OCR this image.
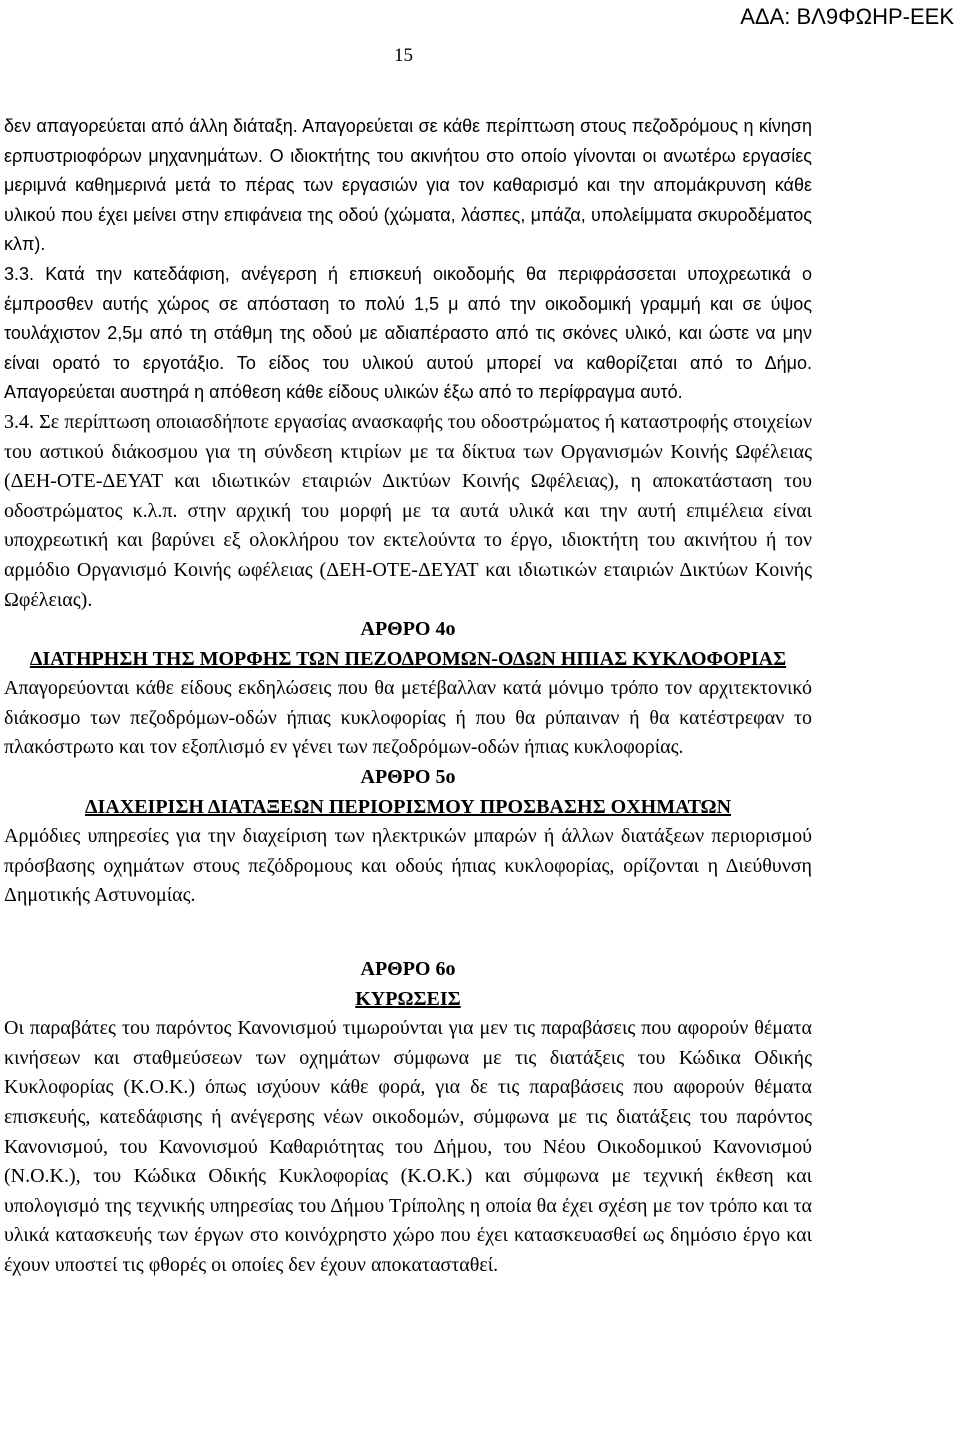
ΑΔΑ: ΒΛ9ΦΩΗΡ-ΕΕΚ
15

δεν απαγορεύεται από άλλη διάταξη. Απαγορεύεται σε κάθε περίπτωση στους πεζοδρόμους η κίνηση ερπυστριοφόρων μηχανημάτων. Ο ιδιοκτήτης του ακινήτου στο οποίο γίνονται οι ανωτέρω εργασίες μεριμνά καθημερινά μετά το πέρας των εργασιών για τον καθαρισμό και την απομάκρυνση κάθε υλικού που έχει μείνει στην επιφάνεια της οδού (χώματα, λάσπες, μπάζα, υπολείμματα σκυροδέματος κλπ).

3.3. Κατά την κατεδάφιση, ανέγερση ή επισκευή οικοδομής θα περιφράσσεται υποχρεωτικά ο έμπροσθεν αυτής χώρος σε απόσταση το πολύ 1,5 μ από την οικοδομική γραμμή και σε ύψος τουλάχιστον 2,5μ από τη στάθμη της οδού με αδιαπέραστο από τις σκόνες υλικό, και ώστε να μην είναι ορατό το εργοτάξιο. Το είδος του υλικού αυτού μπορεί να καθορίζεται από το Δήμο. Απαγορεύεται αυστηρά η απόθεση κάθε είδους υλικών έξω από το περίφραγμα αυτό.

3.4. Σε περίπτωση οποιασδήποτε εργασίας ανασκαφής του οδοστρώματος ή καταστροφής στοιχείων του αστικού διάκοσμου για τη σύνδεση κτιρίων με τα δίκτυα των Οργανισμών Κοινής Ωφέλειας (ΔΕΗ-ΟΤΕ-ΔΕΥΑΤ και ιδιωτικών εταιριών Δικτύων Κοινής Ωφέλειας), η αποκατάσταση του οδοστρώματος κ.λ.π. στην αρχική του μορφή με τα αυτά υλικά και την αυτή επιμέλεια είναι υποχρεωτική και βαρύνει εξ ολοκλήρου τον εκτελούντα το έργο, ιδιοκτήτη του ακινήτου ή τον αρμόδιο Οργανισμό Κοινής ωφέλειας (ΔΕΗ-ΟΤΕ-ΔΕΥΑΤ και ιδιωτικών εταιριών Δικτύων Κοινής Ωφέλειας).

ΑΡΘΡΟ 4ο

ΔΙΑΤΗΡΗΣΗ ΤΗΣ ΜΟΡΦΗΣ ΤΩΝ ΠΕΖΟΔΡΟΜΩΝ-ΟΔΩΝ ΗΠΙΑΣ ΚΥΚΛΟΦΟΡΙΑΣ

Απαγορεύονται κάθε είδους εκδηλώσεις που θα μετέβαλλαν κατά μόνιμο τρόπο τον αρχιτεκτονικό διάκοσμο των πεζοδρόμων-οδών ήπιας κυκλοφορίας ή που θα ρύπαιναν ή θα κατέστρεφαν το πλακόστρωτο και τον εξοπλισμό εν γένει των πεζοδρόμων-οδών ήπιας κυκλοφορίας.

ΑΡΘΡΟ 5ο

ΔΙΑΧΕΙΡΙΣΗ ΔΙΑΤΑΞΕΩΝ ΠΕΡΙΟΡΙΣΜΟΥ ΠΡΟΣΒΑΣΗΣ ΟΧΗΜΑΤΩΝ

Αρμόδιες υπηρεσίες για την διαχείριση των ηλεκτρικών μπαρών ή άλλων διατάξεων περιορισμού πρόσβασης οχημάτων στους πεζόδρομους και οδούς ήπιας κυκλοφορίας, ορίζονται η Διεύθυνση Δημοτικής Αστυνομίας.

ΑΡΘΡΟ 6ο

ΚΥΡΩΣΕΙΣ

Οι παραβάτες του παρόντος Κανονισμού τιμωρούνται για μεν τις παραβάσεις που αφορούν θέματα κινήσεων και σταθμεύσεων των οχημάτων σύμφωνα με τις διατάξεις του Κώδικα Οδικής Κυκλοφορίας (Κ.Ο.Κ.) όπως ισχύουν κάθε φορά, για δε τις παραβάσεις που αφορούν θέματα επισκευής, κατεδάφισης ή ανέγερσης νέων οικοδομών, σύμφωνα με τις διατάξεις του παρόντος Κανονισμού, του Κανονισμού Καθαριότητας του Δήμου, του Νέου Οικοδομικού Κανονισμού (Ν.Ο.Κ.), του Κώδικα Οδικής Κυκλοφορίας (Κ.Ο.Κ.) και σύμφωνα με τεχνική έκθεση και υπολογισμό της τεχνικής υπηρεσίας του Δήμου Τρίπολης η οποία θα έχει σχέση με τον τρόπο και τα υλικά κατασκευής των έργων στο κοινόχρηστο χώρο που έχει κατασκευασθεί ως δημόσιο έργο και έχουν υποστεί τις φθορές οι οποίες δεν έχουν αποκατασταθεί.
